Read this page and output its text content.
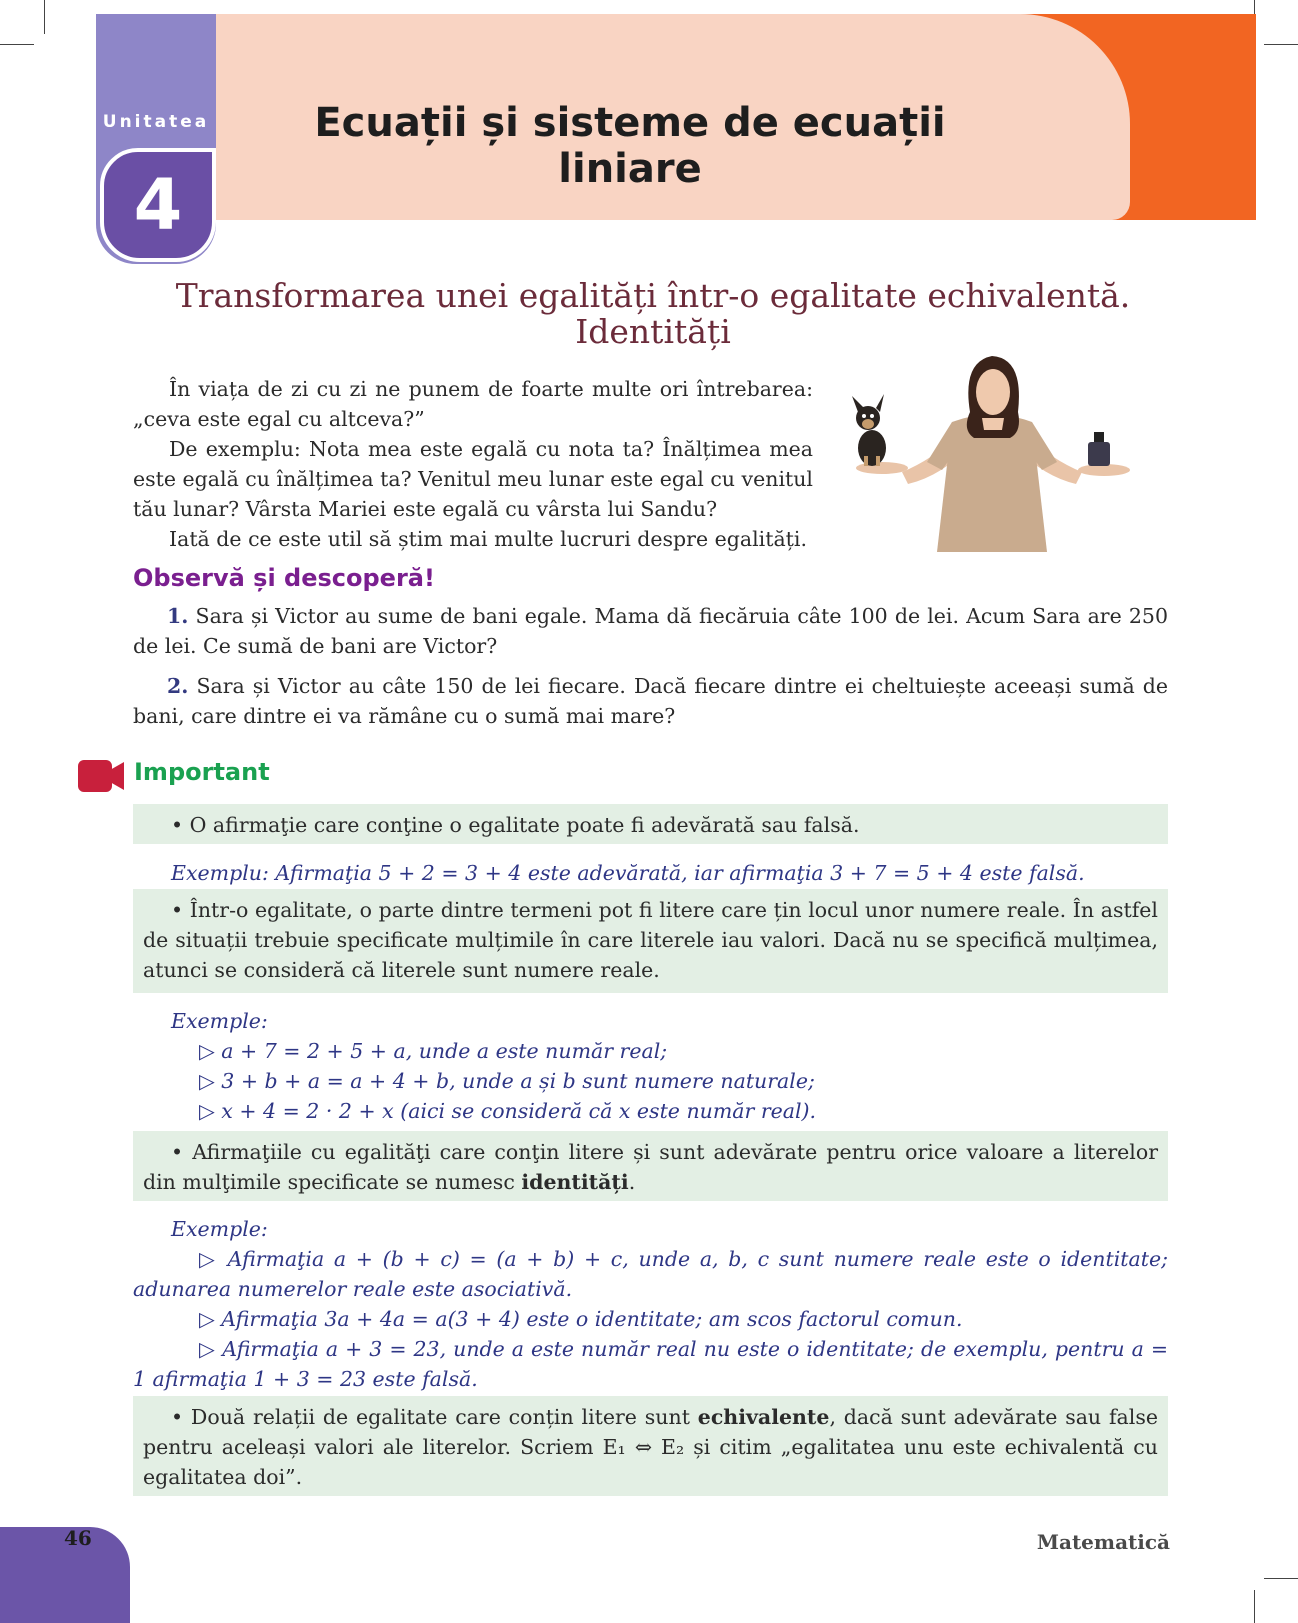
Unitatea
4
Ecuații și sisteme de ecuații liniare
Transformarea unei egalități într-o egalitate echivalentă. Identități

În viața de zi cu zi ne punem de foarte multe ori întrebarea: „ceva este egal cu altceva?”

De exemplu: Nota mea este egală cu nota ta? Înălțimea mea este egală cu înălțimea ta? Venitul meu lunar este egal cu venitul tău lunar? Vârsta Mariei este egală cu vârsta lui Sandu?

Iată de ce este util să știm mai multe lucruri despre egalități.

Observă și descoperă!
1. Sara și Victor au sume de bani egale. Mama dă fiecăruia câte 100 de lei. Acum Sara are 250 de lei. Ce sumă de bani are Victor?
2. Sara și Victor au câte 150 de lei fiecare. Dacă fiecare dintre ei cheltuiește aceeași sumă de bani, care dintre ei va rămâne cu o sumă mai mare?
Important
• O afirmaţie care conţine o egalitate poate fi adevărată sau falsă.
Exemplu: Afirmaţia 5 + 2 = 3 + 4 este adevărată, iar afirmaţia 3 + 7 = 5 + 4 este falsă.
• Într-o egalitate, o parte dintre termeni pot fi litere care țin locul unor numere reale. În astfel de situații trebuie specificate mulțimile în care literele iau valori. Dacă nu se specifică mulțimea, atunci se consideră că literele sunt numere reale.
Exemple:
▷ a + 7 = 2 + 5 + a, unde a este număr real;
▷ 3 + b + a = a + 4 + b, unde a și b sunt numere naturale;
▷ x + 4 = 2 · 2 + x (aici se consideră că x este număr real).
• Afirmaţiile cu egalităţi care conţin litere și sunt adevărate pentru orice valoare a literelor din mulţimile specificate se numesc identități.
Exemple:
▷ Afirmaţia a + (b + c) = (a + b) + c, unde a, b, c sunt numere reale este o identitate; adunarea numerelor reale este asociativă.
▷ Afirmaţia 3a + 4a = a(3 + 4) este o identitate; am scos factorul comun.
▷ Afirmaţia a + 3 = 23, unde a este număr real nu este o identitate; de exemplu, pentru a = 1 afirmaţia 1 + 3 = 23 este falsă.
• Două relații de egalitate care conțin litere sunt echivalente, dacă sunt adevărate sau false pentru aceleași valori ale literelor. Scriem E₁ ⇔ E₂ și citim „egalitatea unu este echivalentă cu egalitatea doi”.
46	Matematică
